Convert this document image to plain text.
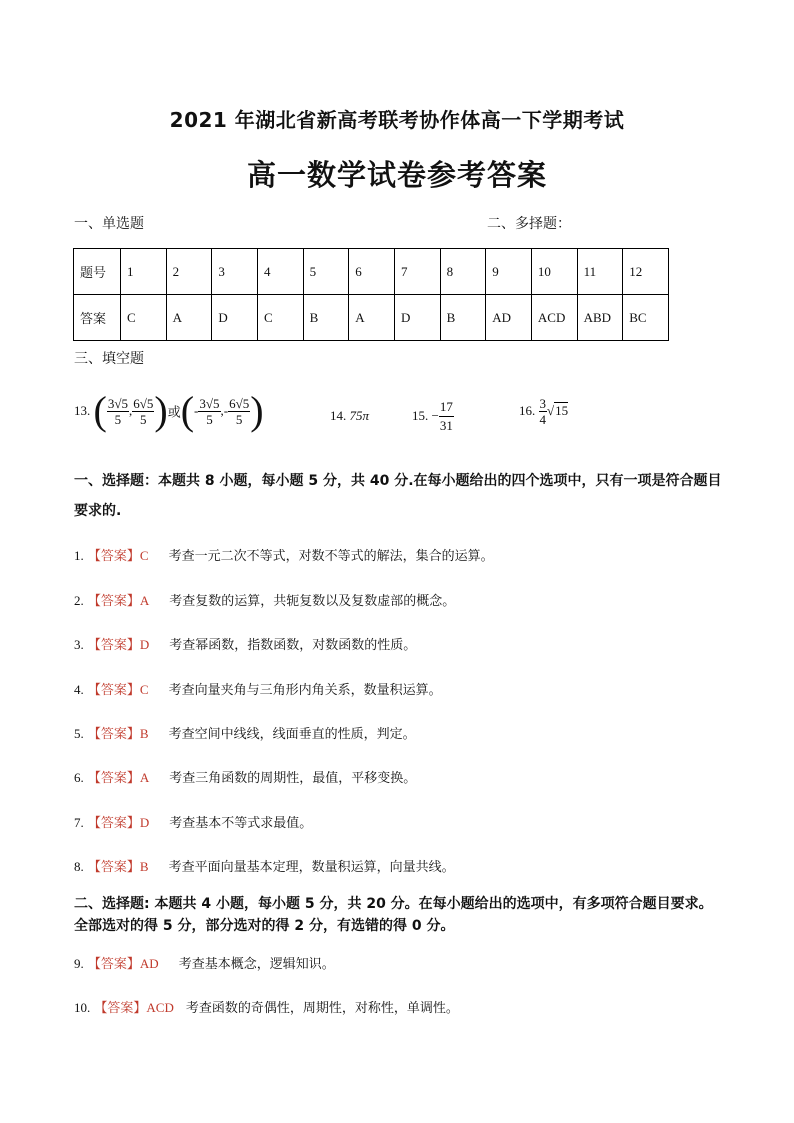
2021 年湖北省新高考联考协作体高一下学期考试
高一数学试卷参考答案
一、单选题	二、多择题：
题号	1	2	3	4	5	6	7	8	9	10	11	12
答案	C	A	D	C	B	A	D	B	AD	ACD	ABD	BC
三、填空题
13. ( $\frac{3√5}{5}$ , $\frac{6√5}{5}$ )或(- $\frac{3√5}{5}$ ,- $\frac{6√5}{5}$ )	14. 75π	15. − $\frac{17}{31}$	16. $\frac{3}{4} √15$
一、选择题：本题共 8 小题，每小题 5 分，共 40 分.在每小题给出的四个选项中，只有一项是符合题目要求的.
1. 【答案】C 考查一元二次不等式，对数不等式的解法，集合的运算。
2. 【答案】A 考查复数的运算，共轭复数以及复数虚部的概念。
3. 【答案】D 考查幂函数，指数函数，对数函数的性质。
4. 【答案】C 考查向量夹角与三角形内角关系，数量积运算。
5. 【答案】B 考查空间中线线，线面垂直的性质，判定。
6. 【答案】A 考查三角函数的周期性，最值，平移变换。
7. 【答案】D 考查基本不等式求最值。
8. 【答案】B 考查平面向量基本定理，数量积运算，向量共线。
二、选择题: 本题共 4 小题，每小题 5 分，共 20 分。在每小题给出的选项中，有多项符合题目要求。全部选对的得 5 分，部分选对的得 2 分，有选错的得 0 分。
9. 【答案】AD 考查基本概念，逻辑知识。
10. 【答案】ACD 考查函数的奇偶性，周期性，对称性，单调性。
